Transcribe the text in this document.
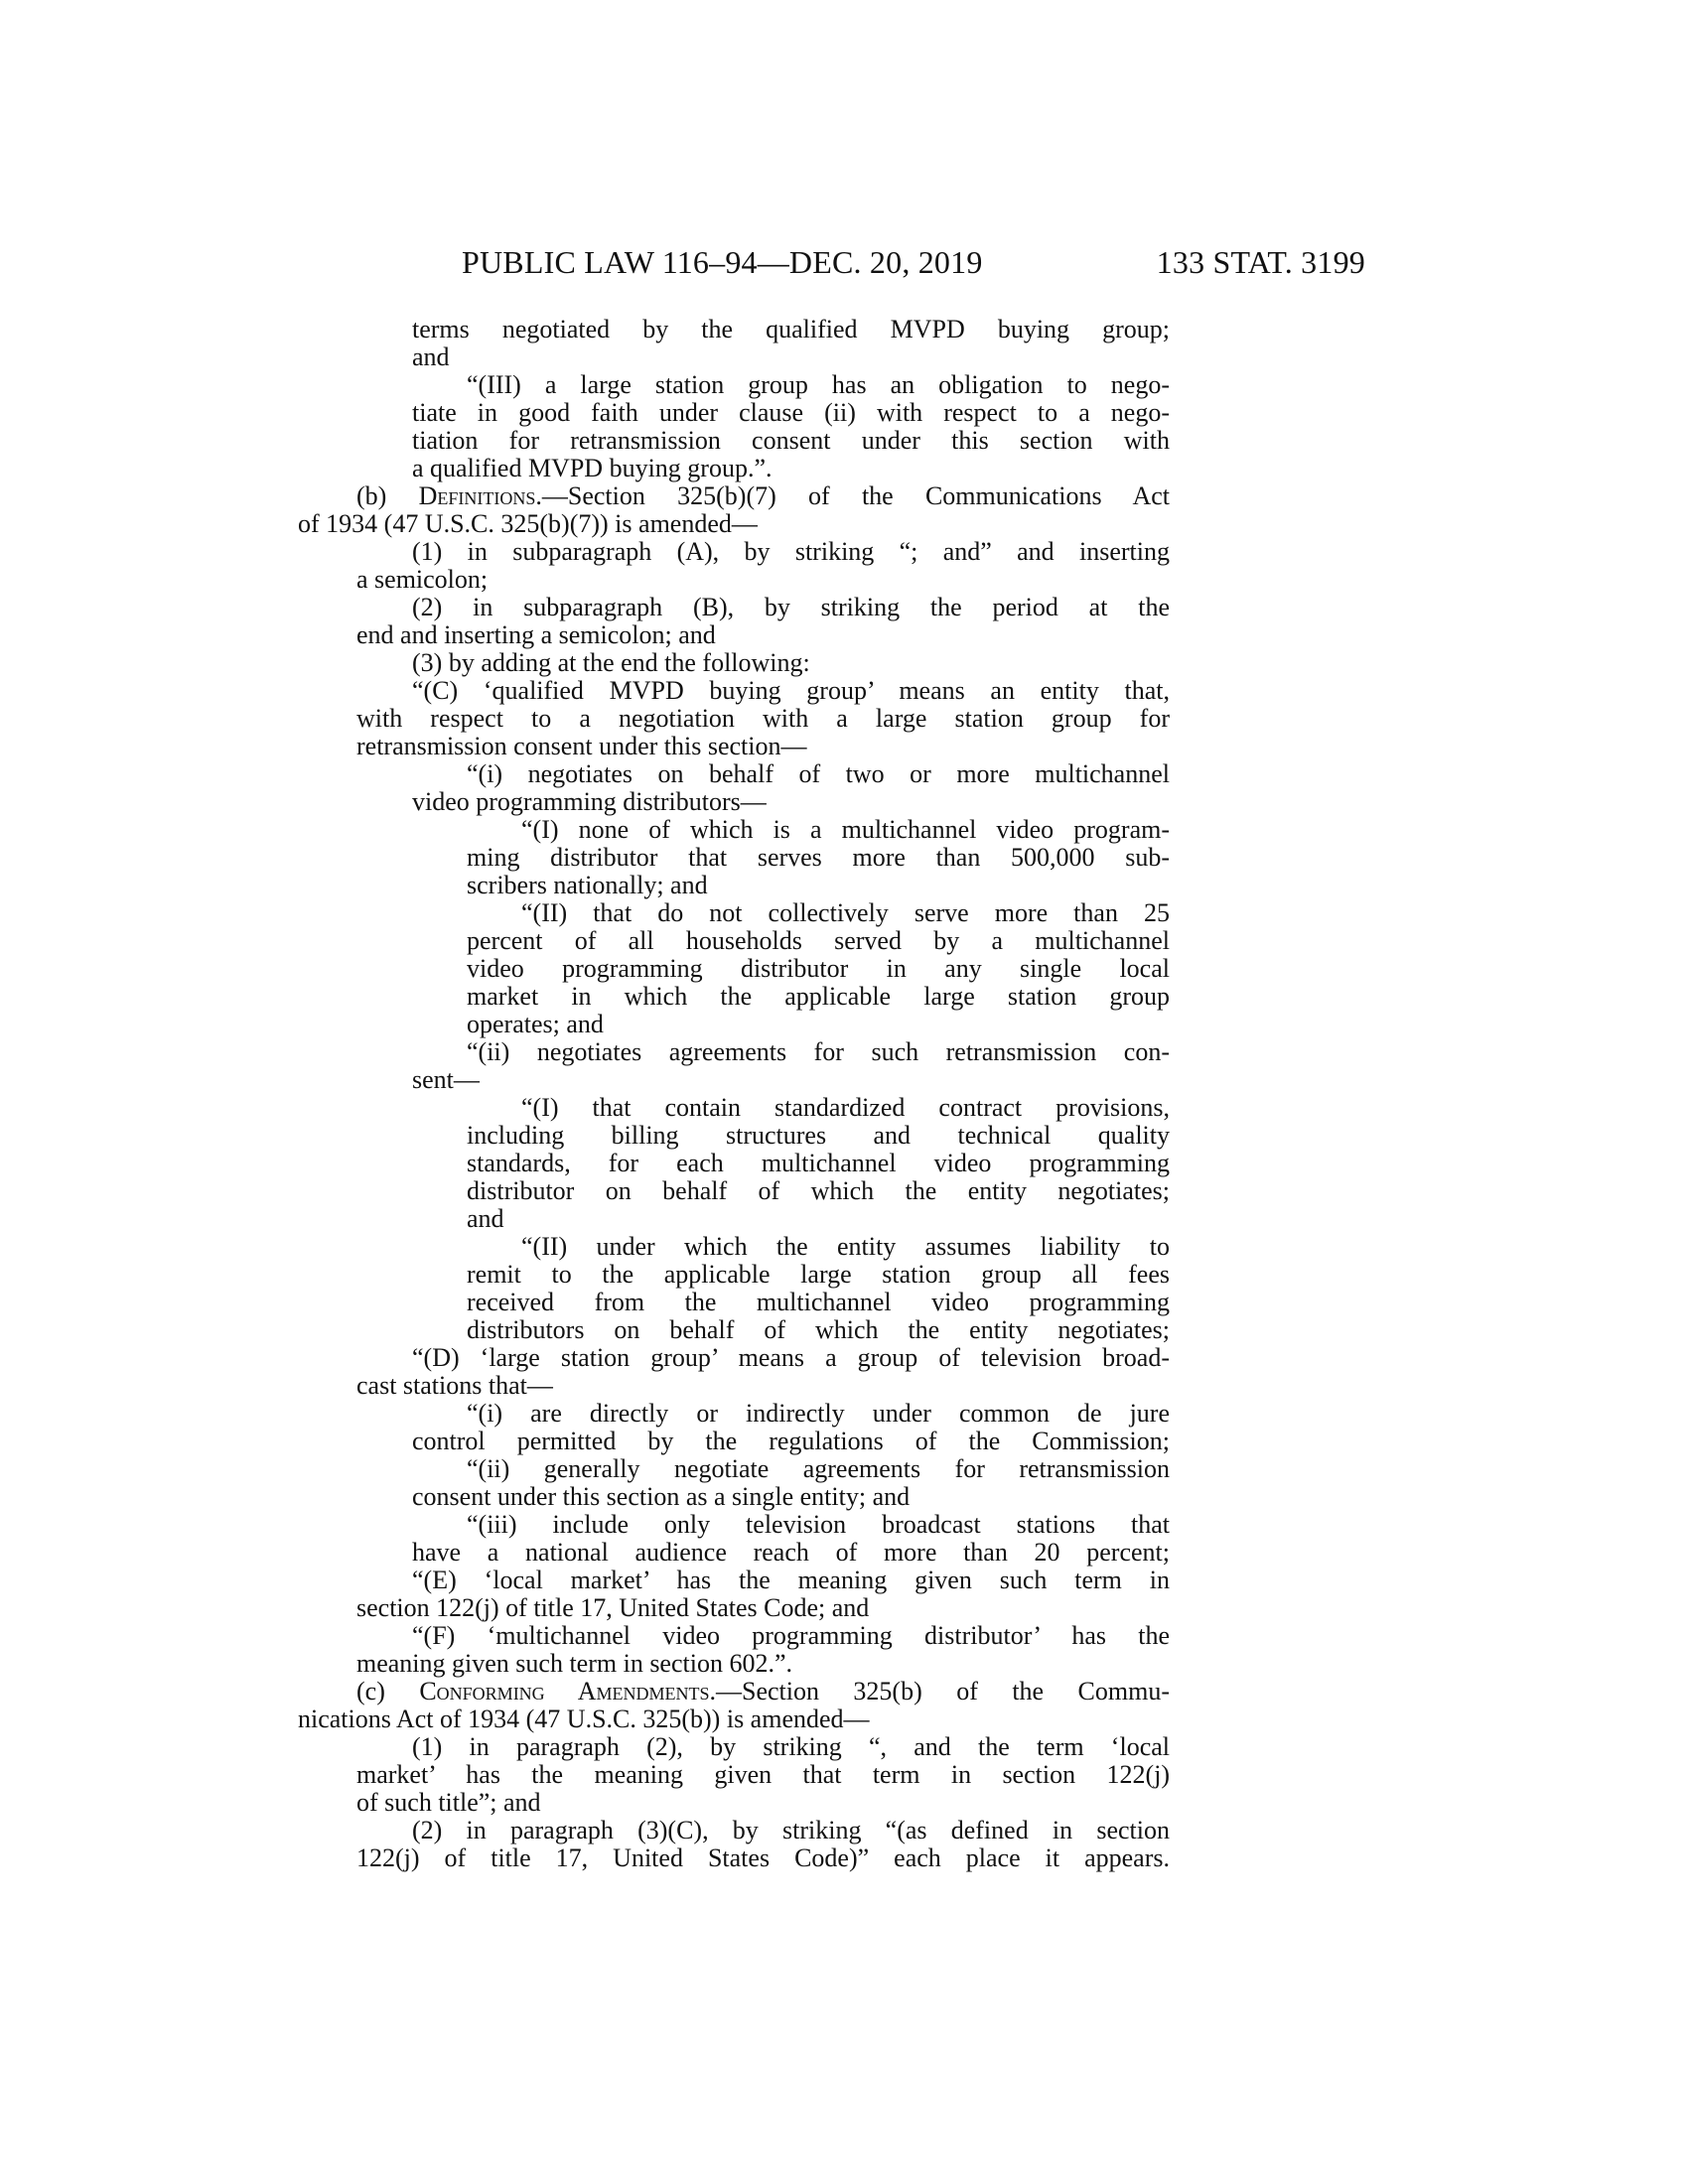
PUBLIC LAW 116–94—DEC. 20, 2019	133 STAT. 3199
terms negotiated by the qualified MVPD buying group;
and
“(III) a large station group has an obligation to nego-
tiate in good faith under clause (ii) with respect to a nego-
tiation for retransmission consent under this section with
a qualified MVPD buying group.”.
(b) Definitions.—Section 325(b)(7) of the Communications Act
of 1934 (47 U.S.C. 325(b)(7)) is amended—
(1) in subparagraph (A), by striking “; and” and inserting
a semicolon;
(2) in subparagraph (B), by striking the period at the
end and inserting a semicolon; and
(3) by adding at the end the following:
“(C) ‘qualified MVPD buying group’ means an entity that,
with respect to a negotiation with a large station group for
retransmission consent under this section—
“(i) negotiates on behalf of two or more multichannel
video programming distributors—
“(I) none of which is a multichannel video program-
ming distributor that serves more than 500,000 sub-
scribers nationally; and
“(II) that do not collectively serve more than 25
percent of all households served by a multichannel
video programming distributor in any single local
market in which the applicable large station group
operates; and
“(ii) negotiates agreements for such retransmission con-
sent—
“(I) that contain standardized contract provisions,
including billing structures and technical quality
standards, for each multichannel video programming
distributor on behalf of which the entity negotiates;
and
“(II) under which the entity assumes liability to
remit to the applicable large station group all fees
received from the multichannel video programming
distributors on behalf of which the entity negotiates;
“(D) ‘large station group’ means a group of television broad-
cast stations that—
“(i) are directly or indirectly under common de jure
control permitted by the regulations of the Commission;
“(ii) generally negotiate agreements for retransmission
consent under this section as a single entity; and
“(iii) include only television broadcast stations that
have a national audience reach of more than 20 percent;
“(E) ‘local market’ has the meaning given such term in
section 122(j) of title 17, United States Code; and
“(F) ‘multichannel video programming distributor’ has the
meaning given such term in section 602.”.
(c) Conforming Amendments.—Section 325(b) of the Commu-
nications Act of 1934 (47 U.S.C. 325(b)) is amended—
(1) in paragraph (2), by striking “, and the term ‘local
market’ has the meaning given that term in section 122(j)
of such title”; and
(2) in paragraph (3)(C), by striking “(as defined in section
122(j) of title 17, United States Code)” each place it appears.
